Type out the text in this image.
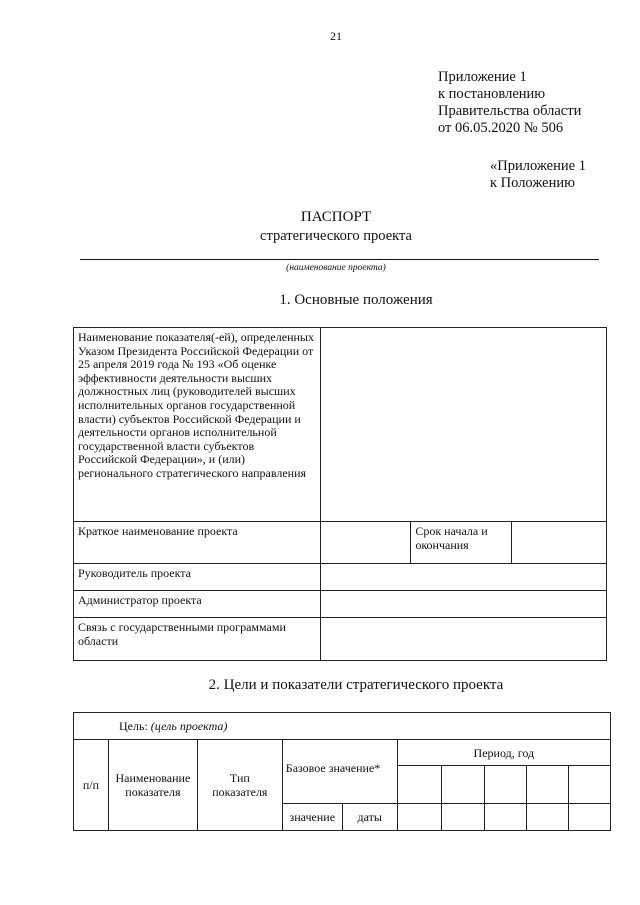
21
Приложение 1
к постановлению
Правительства области
от 06.05.2020 № 506
«Приложение 1
к Положению
ПАСПОРТ
стратегического проекта
(наименование проекта)
1. Основные положения
Наименование показателя(-ей), определенных Указом Президента Российской Федерации от 25 апреля 2019 года № 193 «Об оценке эффективности деятельности высших должностных лиц (руководителей высших исполнительных органов государственной власти) субъектов Российской Федерации и деятельности органов исполнительной государственной власти субъектов Российской Федерации», и (или) регионального стратегического направления			
Краткое наименование проекта		Срок начала и окончания	
Руководитель проекта			
Администратор проекта			
Связь с государственными программами области			
2. Цели и показатели стратегического проекта
Цель: (цель проекта)									
п/п	Наименование показателя	Тип показателя	Базовое значение*		Период, год				

			значение	даты					
